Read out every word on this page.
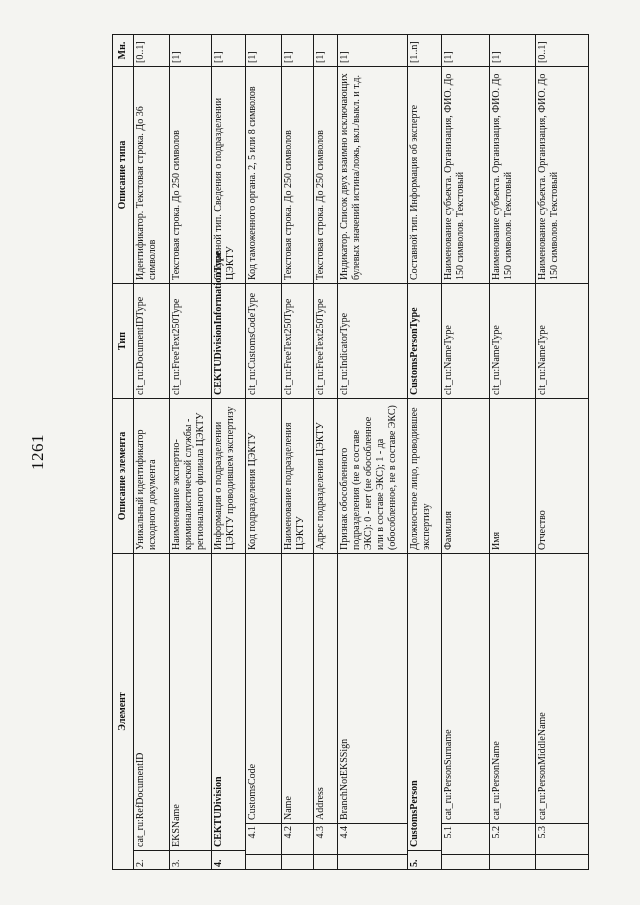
1261
Элемент	Описание элемента	Тип	Описание типа	Мн.

2.
cat_ru:RefDocumentID	Уникальный идентификатор исходного документа	clt_ru:DocumentIDType	Идентификатор. Текстовая строка. До 36 символов	[0..1]

3.
EKSName	Наименование экспертно-криминалистической службы - регионального филиала ЦЭКТУ	clt_ru:FreeText250Type	Текстовая строка. До 250 символов	[1]

4.
CEKTUDivision	Информация о подразделении ЦЭКТУ проводившем экспертизу	CEKTUDivisionInformationType	Составной тип. Сведения о подразделении ЦЭКТУ	[1]

4.1
CustomsCode	Код подразделения ЦЭКТУ	clt_ru:CustomsCodeType	Код таможенного органа. 2, 5 или 8 символов	[1]

4.2
Name	Наименование подразделения ЦЭКТУ	clt_ru:FreeText250Type	Текстовая строка. До 250 символов	[1]

4.3
Address	Адрес подразделения ЦЭКТУ	clt_ru:FreeText250Type	Текстовая строка. До 250 символов	[1]

4.4
BranchNotEKSSign	Признак обособленного подразделения (не в составе ЭКС): 0 - нет (не обособленное или в составе ЭКС); 1 - да (обособленное, не в составе ЭКС)	clt_ru:IndicatorType	Индикатор. Список двух взаимно исключающих булевых значений истина/ложь, вкл./выкл. и т.д.	[1]

5.
CustomsPerson	Должностное лицо, проводившее экспертизу	CustomsPersonType	Составной тип. Информация об эксперте	[1..n]

5.1
cat_ru:PersonSurname	Фамилия	clt_ru:NameType	Наименование субъекта. Организация, ФИО. До 150 символов. Текстовый	[1]

5.2
cat_ru:PersonName	Имя	clt_ru:NameType	Наименование субъекта. Организация, ФИО. До 150 символов. Текстовый	[1]

5.3
cat_ru:PersonMiddleName	Отчество	clt_ru:NameType	Наименование субъекта. Организация, ФИО. До 150 символов. Текстовый	[0..1]
